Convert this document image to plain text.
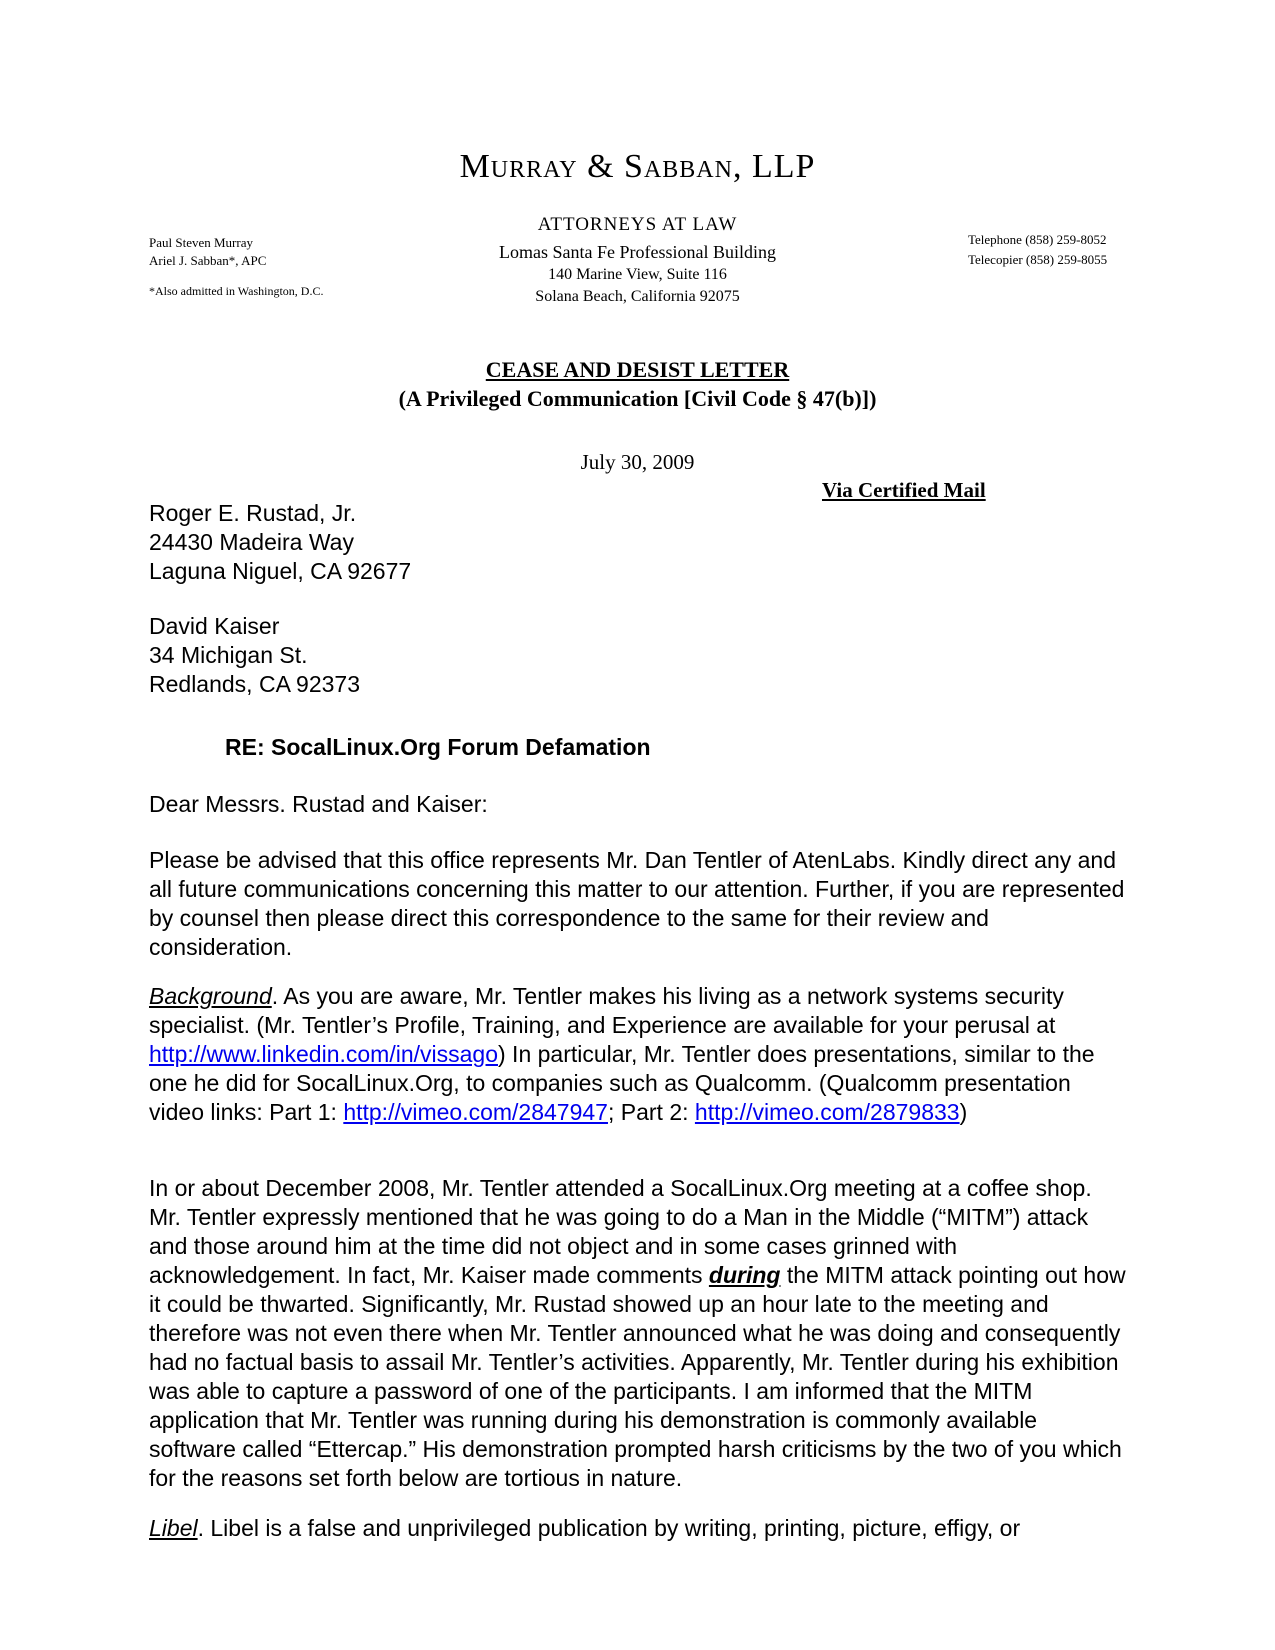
Murray & Sabban, LLP
ATTORNEYS AT LAW
Lomas Santa Fe Professional Building
140 Marine View, Suite 116
Solana Beach, California 92075
Paul Steven Murray
Ariel J. Sabban*, APC
*Also admitted in Washington, D.C.
Telephone (858) 259-8052
Telecopier (858) 259-8055
CEASE AND DESIST LETTER
(A Privileged Communication [Civil Code § 47(b)])
July 30, 2009
Via Certified Mail
Roger E. Rustad, Jr.
24430 Madeira Way
Laguna Niguel, CA 92677
David Kaiser
34 Michigan St.
Redlands, CA 92373
RE: SocalLinux.Org Forum Defamation
Dear Messrs. Rustad and Kaiser:
Please be advised that this office represents Mr. Dan Tentler of AtenLabs. Kindly direct any and all future communications concerning this matter to our attention. Further, if you are represented by counsel then please direct this correspondence to the same for their review and consideration.
Background. As you are aware, Mr. Tentler makes his living as a network systems security specialist. (Mr. Tentler’s Profile, Training, and Experience are available for your perusal at http://www.linkedin.com/in/vissago) In particular, Mr. Tentler does presentations, similar to the one he did for SocalLinux.Org, to companies such as Qualcomm. (Qualcomm presentation video links: Part 1: http://vimeo.com/2847947; Part 2: http://vimeo.com/2879833)
In or about December 2008, Mr. Tentler attended a SocalLinux.Org meeting at a coffee shop. Mr. Tentler expressly mentioned that he was going to do a Man in the Middle (“MITM”) attack and those around him at the time did not object and in some cases grinned with acknowledgement. In fact, Mr. Kaiser made comments during the MITM attack pointing out how it could be thwarted. Significantly, Mr. Rustad showed up an hour late to the meeting and therefore was not even there when Mr. Tentler announced what he was doing and consequently had no factual basis to assail Mr. Tentler’s activities. Apparently, Mr. Tentler during his exhibition was able to capture a password of one of the participants. I am informed that the MITM application that Mr. Tentler was running during his demonstration is commonly available software called “Ettercap.” His demonstration prompted harsh criticisms by the two of you which for the reasons set forth below are tortious in nature.
Libel. Libel is a false and unprivileged publication by writing, printing, picture, effigy, or
